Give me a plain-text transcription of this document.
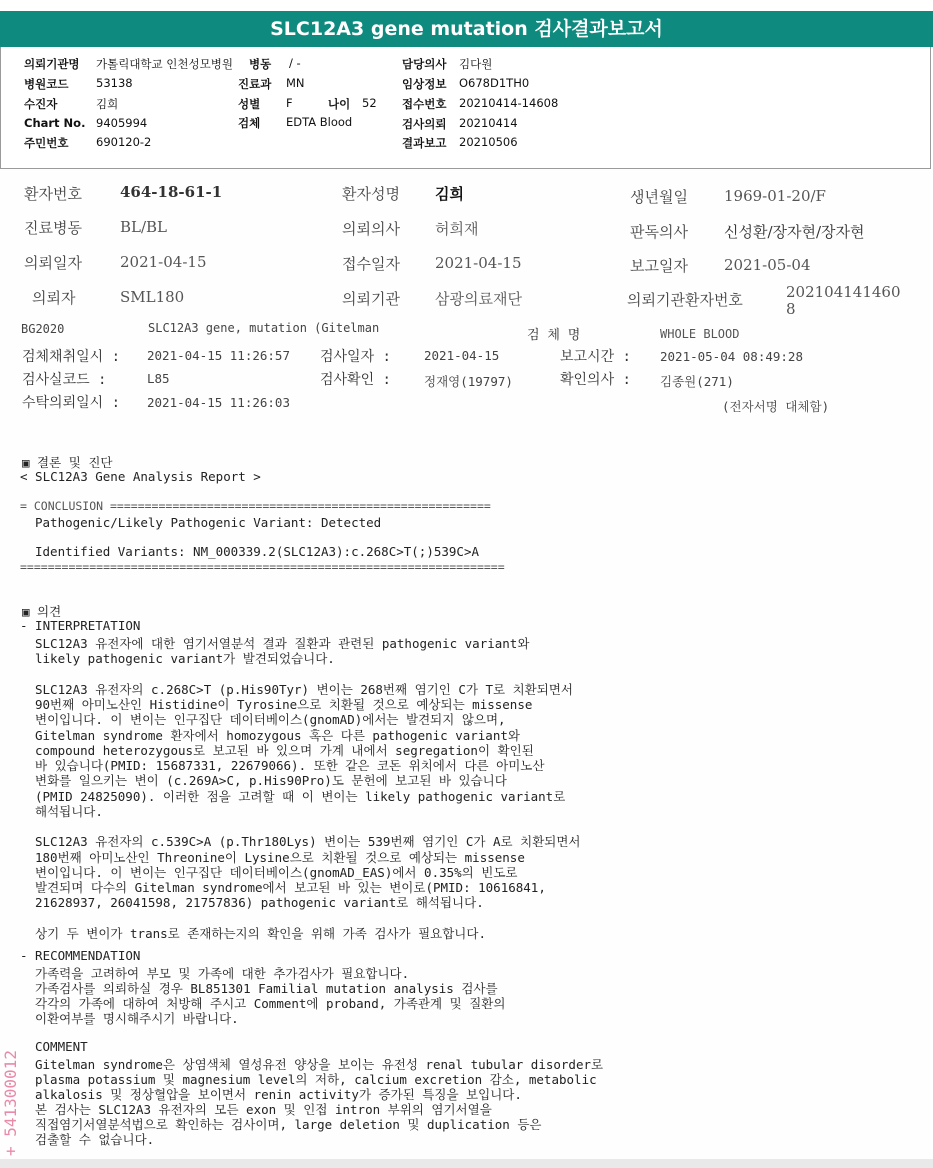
SLC12A3 gene mutation 검사결과보고서
의뢰기관명 가톨릭대학교 인천성모병원 병동 / -	담당의사 김다원
병원코드 53138	진료과 MN	임상정보 O678D1TH0
수진자	김희	성별 F	나이 52 접수번호 20210414-14608
Chart No. 9405994	검체 EDTA Blood	검사의뢰 20210414
주민번호 690120-2	결과보고 20210506
환자번호	464-18-61-1	환자성명 김희	생년월일 1969-01-20/F
진료병동	BL/BL	의뢰의사 허희재	판독의사 신성환/장자현/장자현
의뢰일자	2021-04-15	접수일자 2021-04-15	보고일자 2021-05-04
의뢰자	SML180	의뢰기관 삼광의료재단	의뢰기관환자번호	202104141460
8
BG2020	SLC12A3 gene, mutation (Gitelman	검 체 명	WHOLE BLOOD
검체채취일시 : 2021-04-15 11:26:57 검사일자 :	2021-04-15	보고시간 : 2021-05-04 08:49:28
검사실코드 :	L85	검사확인 :	정재영(19797)	확인의사 : 김종원(271)
수탁의뢰일시 : 2021-04-15 11:26:03	(전자서명 대체함)
▣ 결론 및 진단
< SLC12A3 Gene Analysis Report >
= CONCLUSION =======================================================
Pathogenic/Likely Pathogenic Variant: Detected
Identified Variants: NM_000339.2(SLC12A3):c.268C>T(;)539C>A
======================================================================
▣ 의견
- INTERPRETATION
SLC12A3 유전자에 대한 염기서열분석 결과 질환과 관련된 pathogenic variant와
likely pathogenic variant가 발견되었습니다.
SLC12A3 유전자의 c.268C>T (p.His90Tyr) 변이는 268번째 염기인 C가 T로 치환되면서
90번째 아미노산인 Histidine이 Tyrosine으로 치환될 것으로 예상되는 missense
변이입니다. 이 변이는 인구집단 데이터베이스(gnomAD)에서는 발견되지 않으며,
Gitelman syndrome 환자에서 homozygous 혹은 다른 pathogenic variant와
compound heterozygous로 보고된 바 있으며 가계 내에서 segregation이 확인된
바 있습니다(PMID: 15687331, 22679066). 또한 같은 코돈 위치에서 다른 아미노산
변화를 일으키는 변이 (c.269A>C, p.His90Pro)도 문헌에 보고된 바 있습니다
(PMID 24825090). 이러한 점을 고려할 때 이 변이는 likely pathogenic variant로
해석됩니다.
SLC12A3 유전자의 c.539C>A (p.Thr180Lys) 변이는 539번째 염기인 C가 A로 치환되면서
180번째 아미노산인 Threonine이 Lysine으로 치환될 것으로 예상되는 missense
변이입니다. 이 변이는 인구집단 데이터베이스(gnomAD_EAS)에서 0.35%의 빈도로
발견되며 다수의 Gitelman syndrome에서 보고된 바 있는 변이로(PMID: 10616841,
21628937, 26041598, 21757836) pathogenic variant로 해석됩니다.
상기 두 변이가 trans로 존재하는지의 확인을 위해 가족 검사가 필요합니다.
- RECOMMENDATION
가족력을 고려하여 부모 및 가족에 대한 추가검사가 필요합니다.
가족검사를 의뢰하실 경우 BL851301 Familial mutation analysis 검사를
각각의 가족에 대하여 처방해 주시고 Comment에 proband, 가족관계 및 질환의
이환여부를 명시해주시기 바랍니다.
COMMENT
Gitelman syndrome은 상염색체 열성유전 양상을 보이는 유전성 renal tubular disorder로
plasma potassium 및 magnesium level의 저하, calcium excretion 감소, metabolic
alkalosis 및 정상혈압을 보이면서 renin activity가 증가된 특징을 보입니다.
본 검사는 SLC12A3 유전자의 모든 exon 및 인접 intron 부위의 염기서열을
직접염기서열분석법으로 확인하는 검사이며, large deletion 및 duplication 등은
검출할 수 없습니다.
+ 541300012
